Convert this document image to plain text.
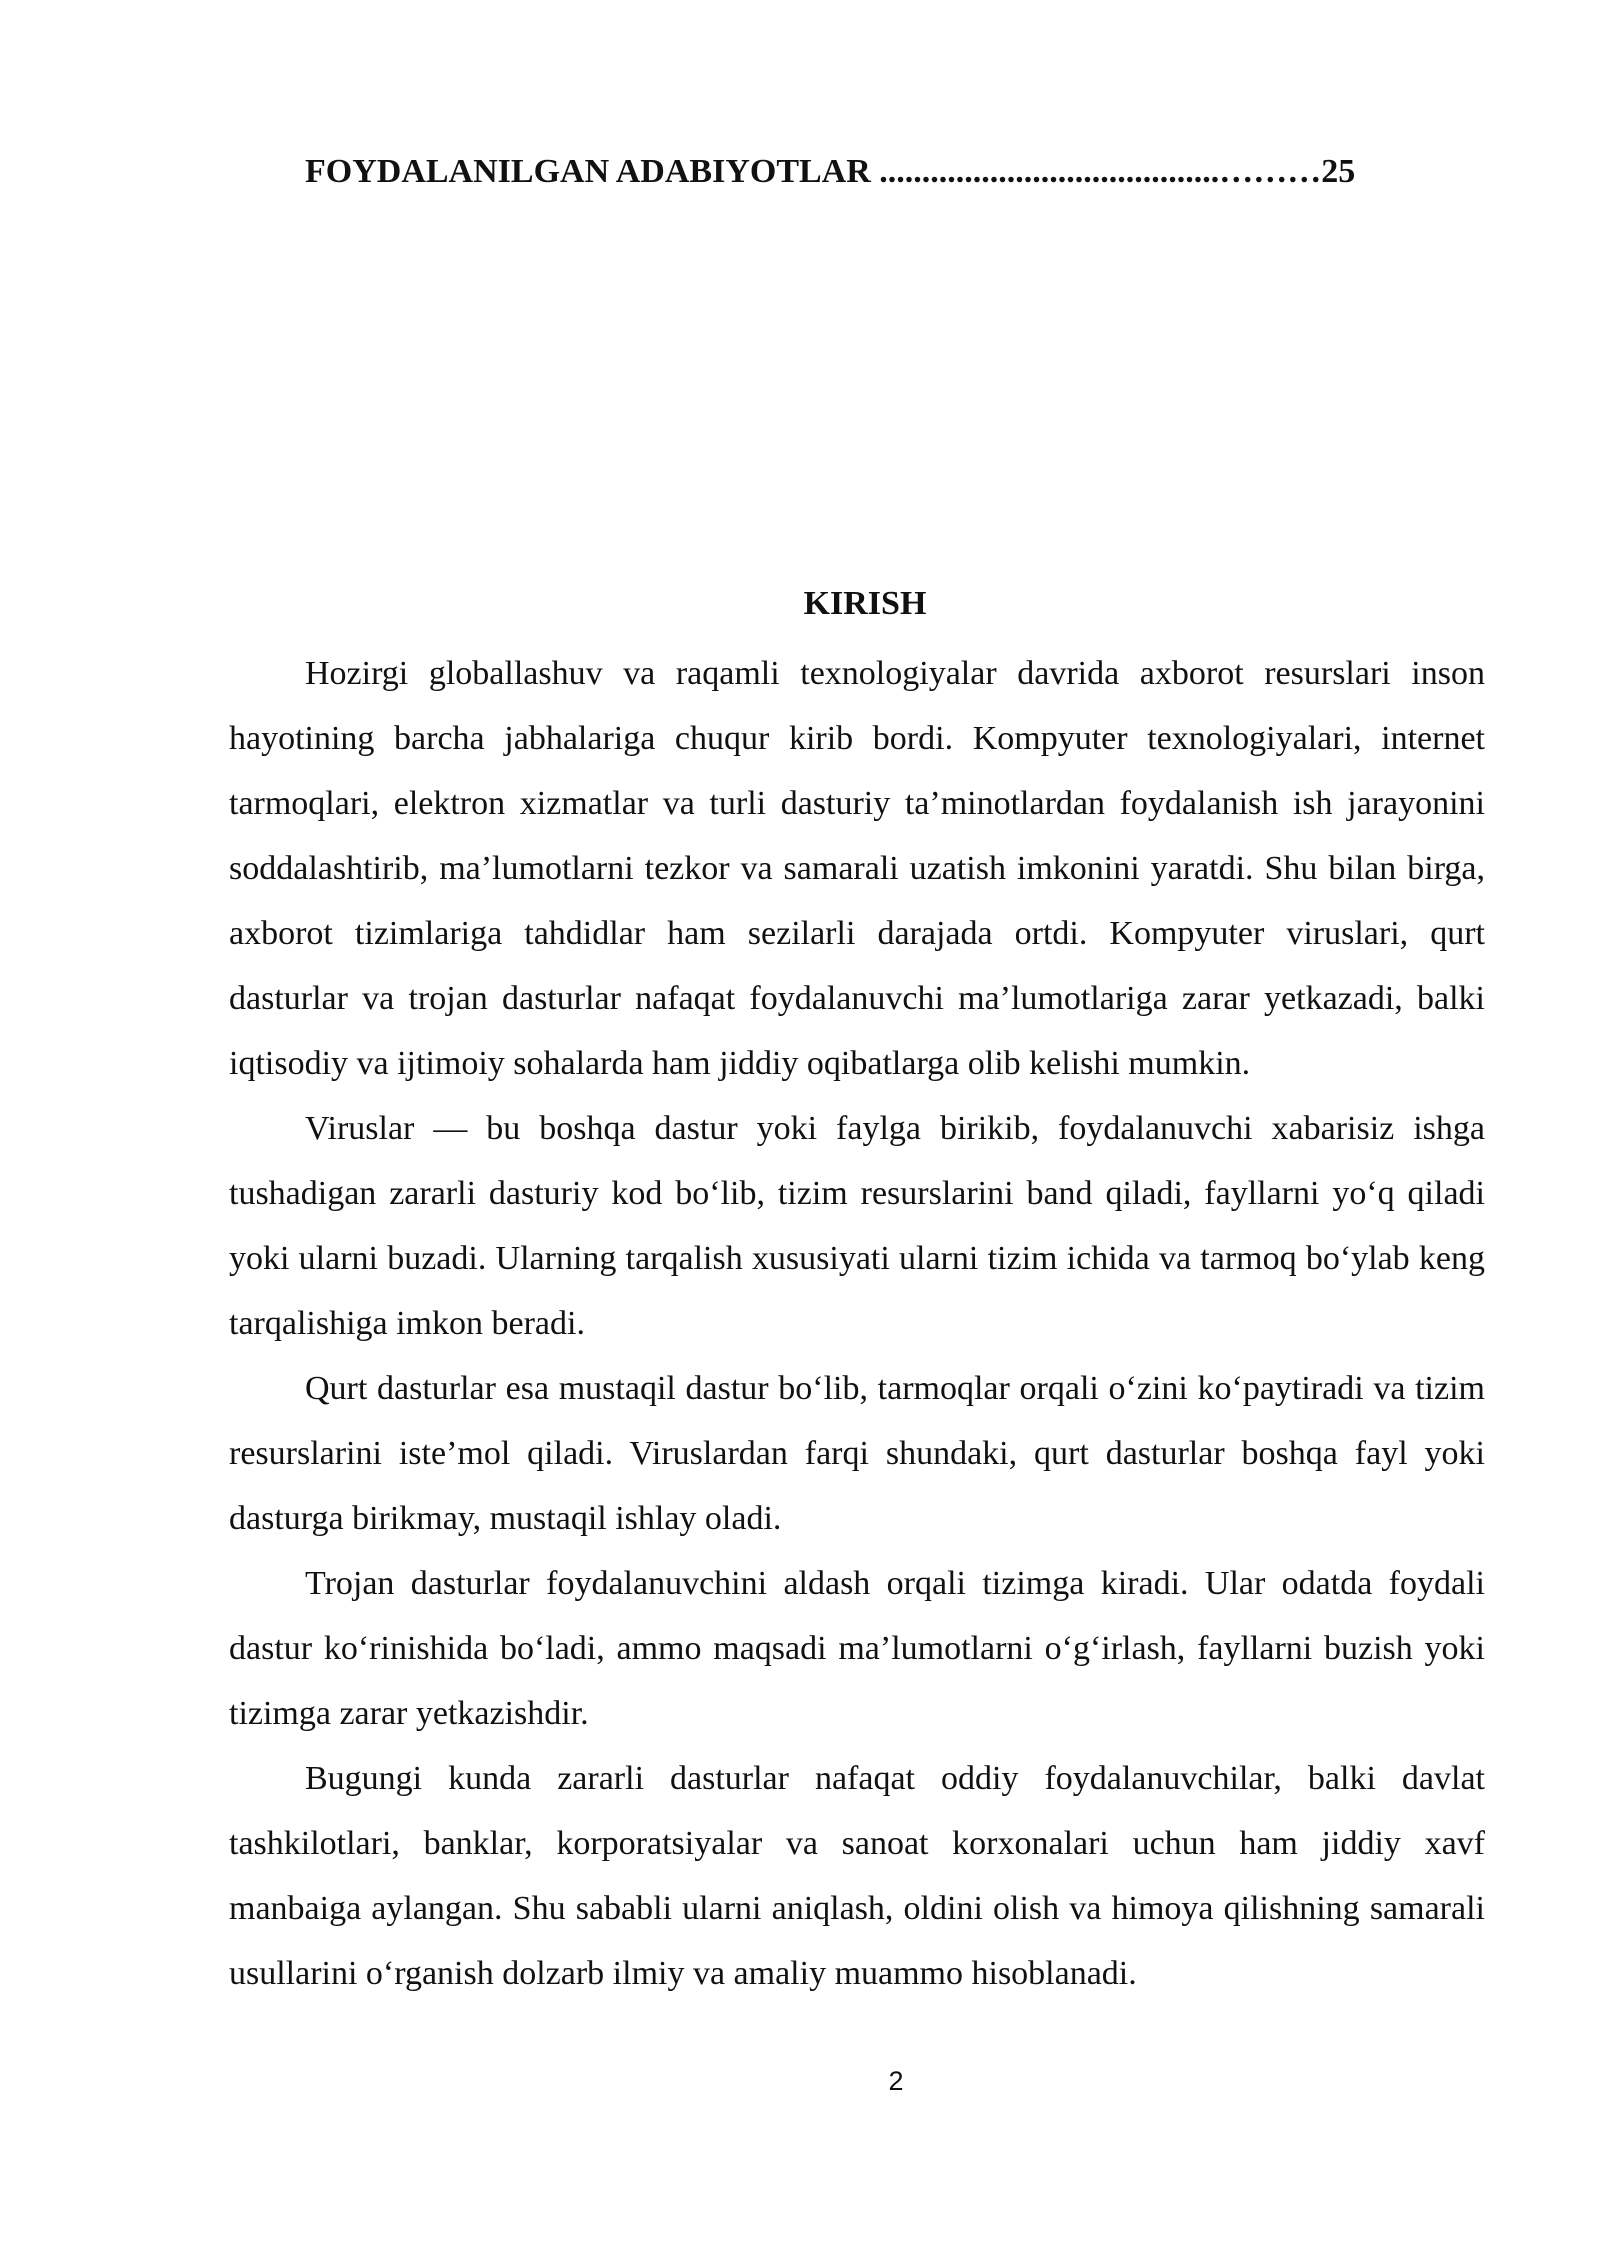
FOYDALANILGAN ADABIYOTLAR ........................................………25
KIRISH

Hozirgi globallashuv va raqamli texnologiyalar davrida axborot resurslari inson hayotining barcha jabhalariga chuqur kirib bordi. Kompyuter texnologiyalari, internet tarmoqlari, elektron xizmatlar va turli dasturiy ta’minotlardan foydalanish ish jarayonini soddalashtirib, ma’lumotlarni tezkor va samarali uzatish imkonini yaratdi. Shu bilan birga, axborot tizimlariga tahdidlar ham sezilarli darajada ortdi. Kompyuter viruslari, qurt dasturlar va trojan dasturlar nafaqat foydalanuvchi ma’lumotlariga zarar yetkazadi, balki iqtisodiy va ijtimoiy sohalarda ham jiddiy oqibatlarga olib kelishi mumkin.

Viruslar — bu boshqa dastur yoki faylga birikib, foydalanuvchi xabarisiz ishga tushadigan zararli dasturiy kod bo‘lib, tizim resurslarini band qiladi, fayllarni yo‘q qiladi yoki ularni buzadi. Ularning tarqalish xususiyati ularni tizim ichida va tarmoq bo‘ylab keng tarqalishiga imkon beradi.

Qurt dasturlar esa mustaqil dastur bo‘lib, tarmoqlar orqali o‘zini ko‘paytiradi va tizim resurslarini iste’mol qiladi. Viruslardan farqi shundaki, qurt dasturlar boshqa fayl yoki dasturga birikmay, mustaqil ishlay oladi.

Trojan dasturlar foydalanuvchini aldash orqali tizimga kiradi. Ular odatda foydali dastur ko‘rinishida bo‘ladi, ammo maqsadi ma’lumotlarni o‘g‘irlash, fayllarni buzish yoki tizimga zarar yetkazishdir.

Bugungi kunda zararli dasturlar nafaqat oddiy foydalanuvchilar, balki davlat tashkilotlari, banklar, korporatsiyalar va sanoat korxonalari uchun ham jiddiy xavf manbaiga aylangan. Shu sababli ularni aniqlash, oldini olish va himoya qilishning samarali usullarini o‘rganish dolzarb ilmiy va amaliy muammo hisoblanadi.

2
